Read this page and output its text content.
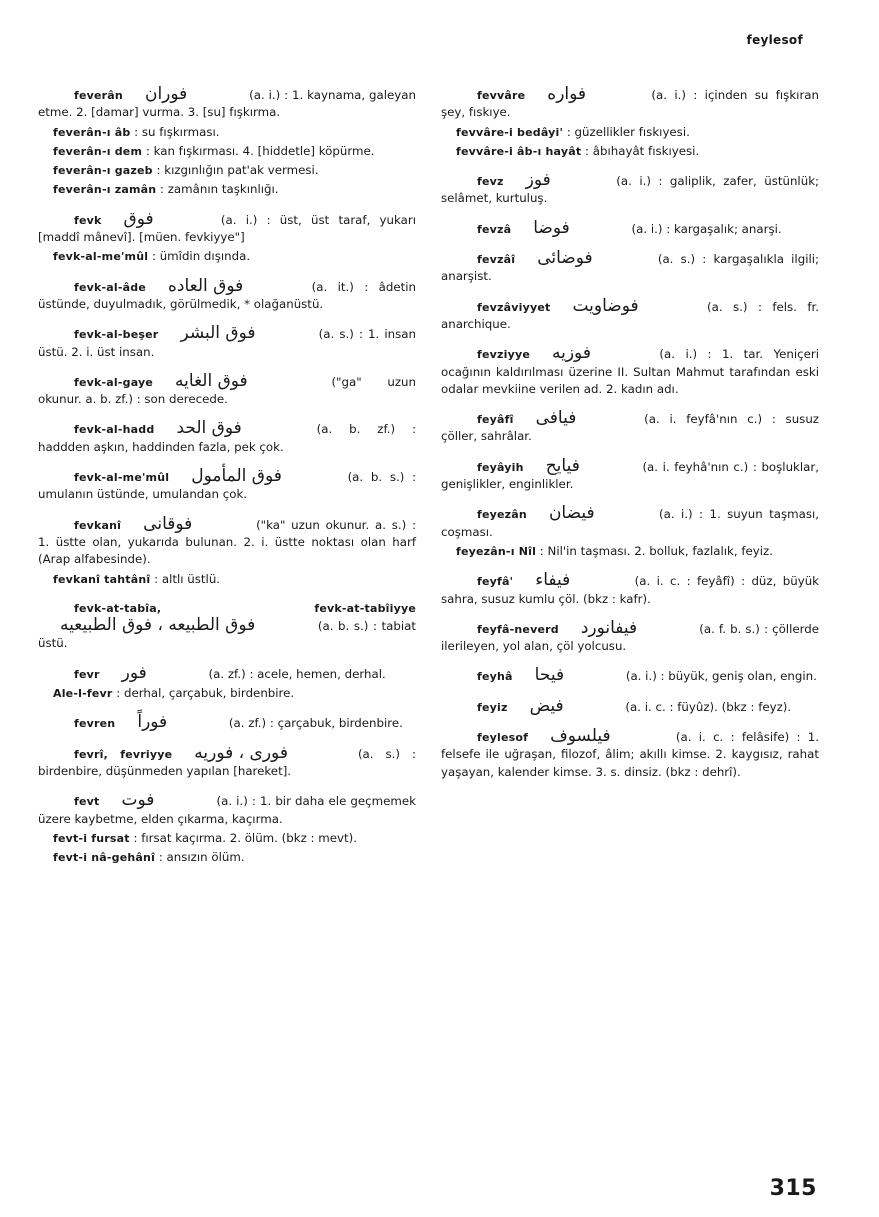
feylesof

feverân فوران	(a. i.) : 1. kaynama, galeyan etme. 2. [damar] vurma. 3. [su] fışkırma.

feverân-ı âb : su fışkırması.

feverân-ı dem : kan fışkırması. 4. [hiddetle] köpürme.

feverân-ı gazeb : kızgınlığın pat'ak vermesi.

feverân-ı zamân : zamânın taşkınlığı.

fevk فوق	(a. i.) : üst, üst taraf, yukarı [maddî mânevî]. [müen. fevkiyye"]

fevk-al-me'mûl : ümîdin dışında.

fevk-al-âde فوق العاده	(a. it.) : âdetin üstünde, duyulmadık, görülmedik, * olağanüstü.

fevk-al-beşer فوق البشر	(a. s.) : 1. insan üstü. 2. i. üst insan.

fevk-al-gaye فوق الغايه	("ga" uzun okunur. a. b. zf.) : son derecede.

fevk-al-hadd فوق الحد	(a. b. zf.) : haddden aşkın, haddinden fazla, pek çok.

fevk-al-me'mûl فوق المأمول	(a. b. s.) : umulanın üstünde, umulandan çok.

fevkanî فوقانى	("ka" uzun okunur. a. s.) : 1. üstte olan, yukarıda bulunan. 2. i. üstte noktası olan harf (Arap alfabesinde).

fevkanî tahtânî : altlı üstlü.

fevk-at-tabîa, fevk-at-tabîiyyeفوق الطبيعه ، فوق الطبيعيه	(a. b. s.) : tabiat üstü.

fevr فور	(a. zf.) : acele, hemen, derhal.

Ale-l-fevr : derhal, çarçabuk, birdenbire.

fevren فوراً	(a. zf.) : çarçabuk, birdenbire.

fevrî, fevriyye فورى ، فوريه	(a. s.) : birdenbire, düşünmeden yapılan [hareket].

fevt فوت	(a. i.) : 1. bir daha ele geçmemek üzere kaybetme, elden çıkarma, kaçırma.

fevt-i fursat : fırsat kaçırma. 2. ölüm. (bkz : mevt).

fevt-i nâ-gehânî : ansızın ölüm.

fevvâre فواره	(a. i.) : içinden su fışkıran şey, fıskıye.

fevvâre-i bedâyi' : güzellikler fıskıyesi.

fevvâre-i âb-ı hayât : âbıhayât fıskıyesi.

fevz فوز	(a. i.) : galiplik, zafer, üstünlük; selâmet, kurtuluş.

fevzâ فوضا	(a. i.) : kargaşalık; anarşi.

fevzâî فوضائى	(a. s.) : kargaşalıkla ilgili; anarşist.

fevzâviyyet فوضاويت	(a. s.) : fels. fr. anarchique.

fevziyye فوزيه	(a. i.) : 1. tar. Yeniçeri ocağının kaldırılması üzerine II. Sultan Mahmut tarafından eski odalar mevkiine verilen ad. 2. kadın adı.

feyâfî فيافى	(a. i. feyfâ'nın c.) : susuz çöller, sahrâlar.

feyâyih فيايح	(a. i. feyhâ'nın c.) : boşluklar, genişlikler, enginlikler.

feyezân فيضان	(a. i.) : 1. suyun taşması, coşması.

feyezân-ı Nîl : Nil'in taşması. 2. bolluk, fazlalık, feyiz.

feyfâ' فيفاء	(a. i. c. : feyâfî) : düz, büyük sahra, susuz kumlu çöl. (bkz : kafr).

feyfâ-neverd فيفانورد	(a. f. b. s.) : çöllerde ilerileyen, yol alan, çöl yolcusu.

feyhâ فيحا	(a. i.) : büyük, geniş olan, engin.

feyiz فيض	(a. i. c. : füyûz). (bkz : feyz).

feylesof فيلسوف	(a. i. c. : felâsife) : 1. felsefe ile uğraşan, filozof, âlim; akıllı kimse. 2. kaygısız, rahat yaşayan, kalender kimse. 3. s. dinsiz. (bkz : dehrî).

315
